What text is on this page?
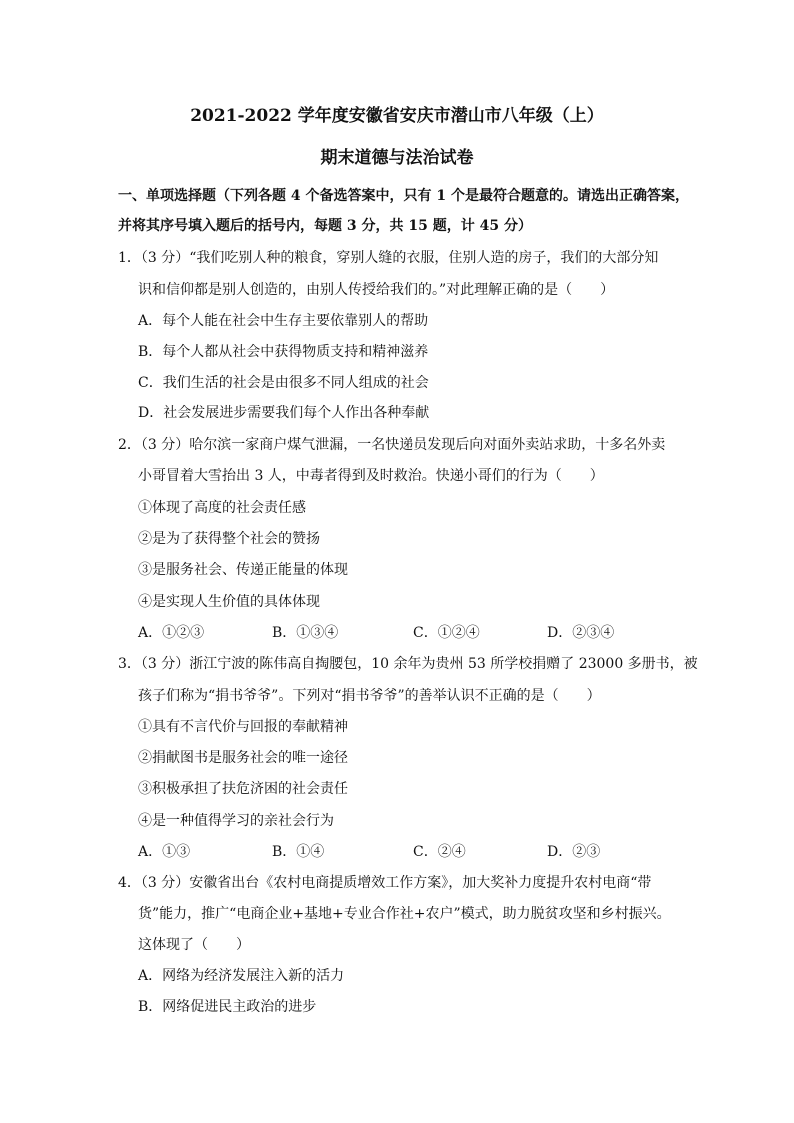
2021-2022 学年度安徽省安庆市潜山市八年级（上）
期末道德与法治试卷
一、单项选择题（下列各题 4 个备选答案中，只有 1 个是最符合题意的。请选出正确答案，
并将其序号填入题后的括号内，每题 3 分，共 15 题，计 45 分）
1．（3 分）“我们吃别人种的粮食，穿别人缝的衣服，住别人造的房子，我们的大部分知
识和信仰都是别人创造的，由别人传授给我们的。”对此理解正确的是（　　）
A．每个人能在社会中生存主要依靠别人的帮助
B．每个人都从社会中获得物质支持和精神滋养
C．我们生活的社会是由很多不同人组成的社会
D．社会发展进步需要我们每个人作出各种奉献
2．（3 分）哈尔滨一家商户煤气泄漏，一名快递员发现后向对面外卖站求助，十多名外卖
小哥冒着大雪抬出 3 人，中毒者得到及时救治。快递小哥们的行为（　　）
①体现了高度的社会责任感
②是为了获得整个社会的赞扬
③是服务社会、传递正能量的体现
④是实现人生价值的具体体现
A．①②③	B．①③④	C．①②④	D．②③④
3．（3 分）浙江宁波的陈伟高自掏腰包，10 余年为贵州 53 所学校捐赠了 23000 多册书，被
孩子们称为“捐书爷爷”。下列对“捐书爷爷”的善举认识不正确的是（　　）
①具有不言代价与回报的奉献精神
②捐献图书是服务社会的唯一途径
③积极承担了扶危济困的社会责任
④是一种值得学习的亲社会行为
A．①③	B．①④	C．②④	D．②③
4．（3 分）安徽省出台《农村电商提质增效工作方案》，加大奖补力度提升农村电商“带
货”能力，推广“电商企业+基地+专业合作社+农户”模式，助力脱贫攻坚和乡村振兴。
这体现了（　　）
A．网络为经济发展注入新的活力
B．网络促进民主政治的进步
